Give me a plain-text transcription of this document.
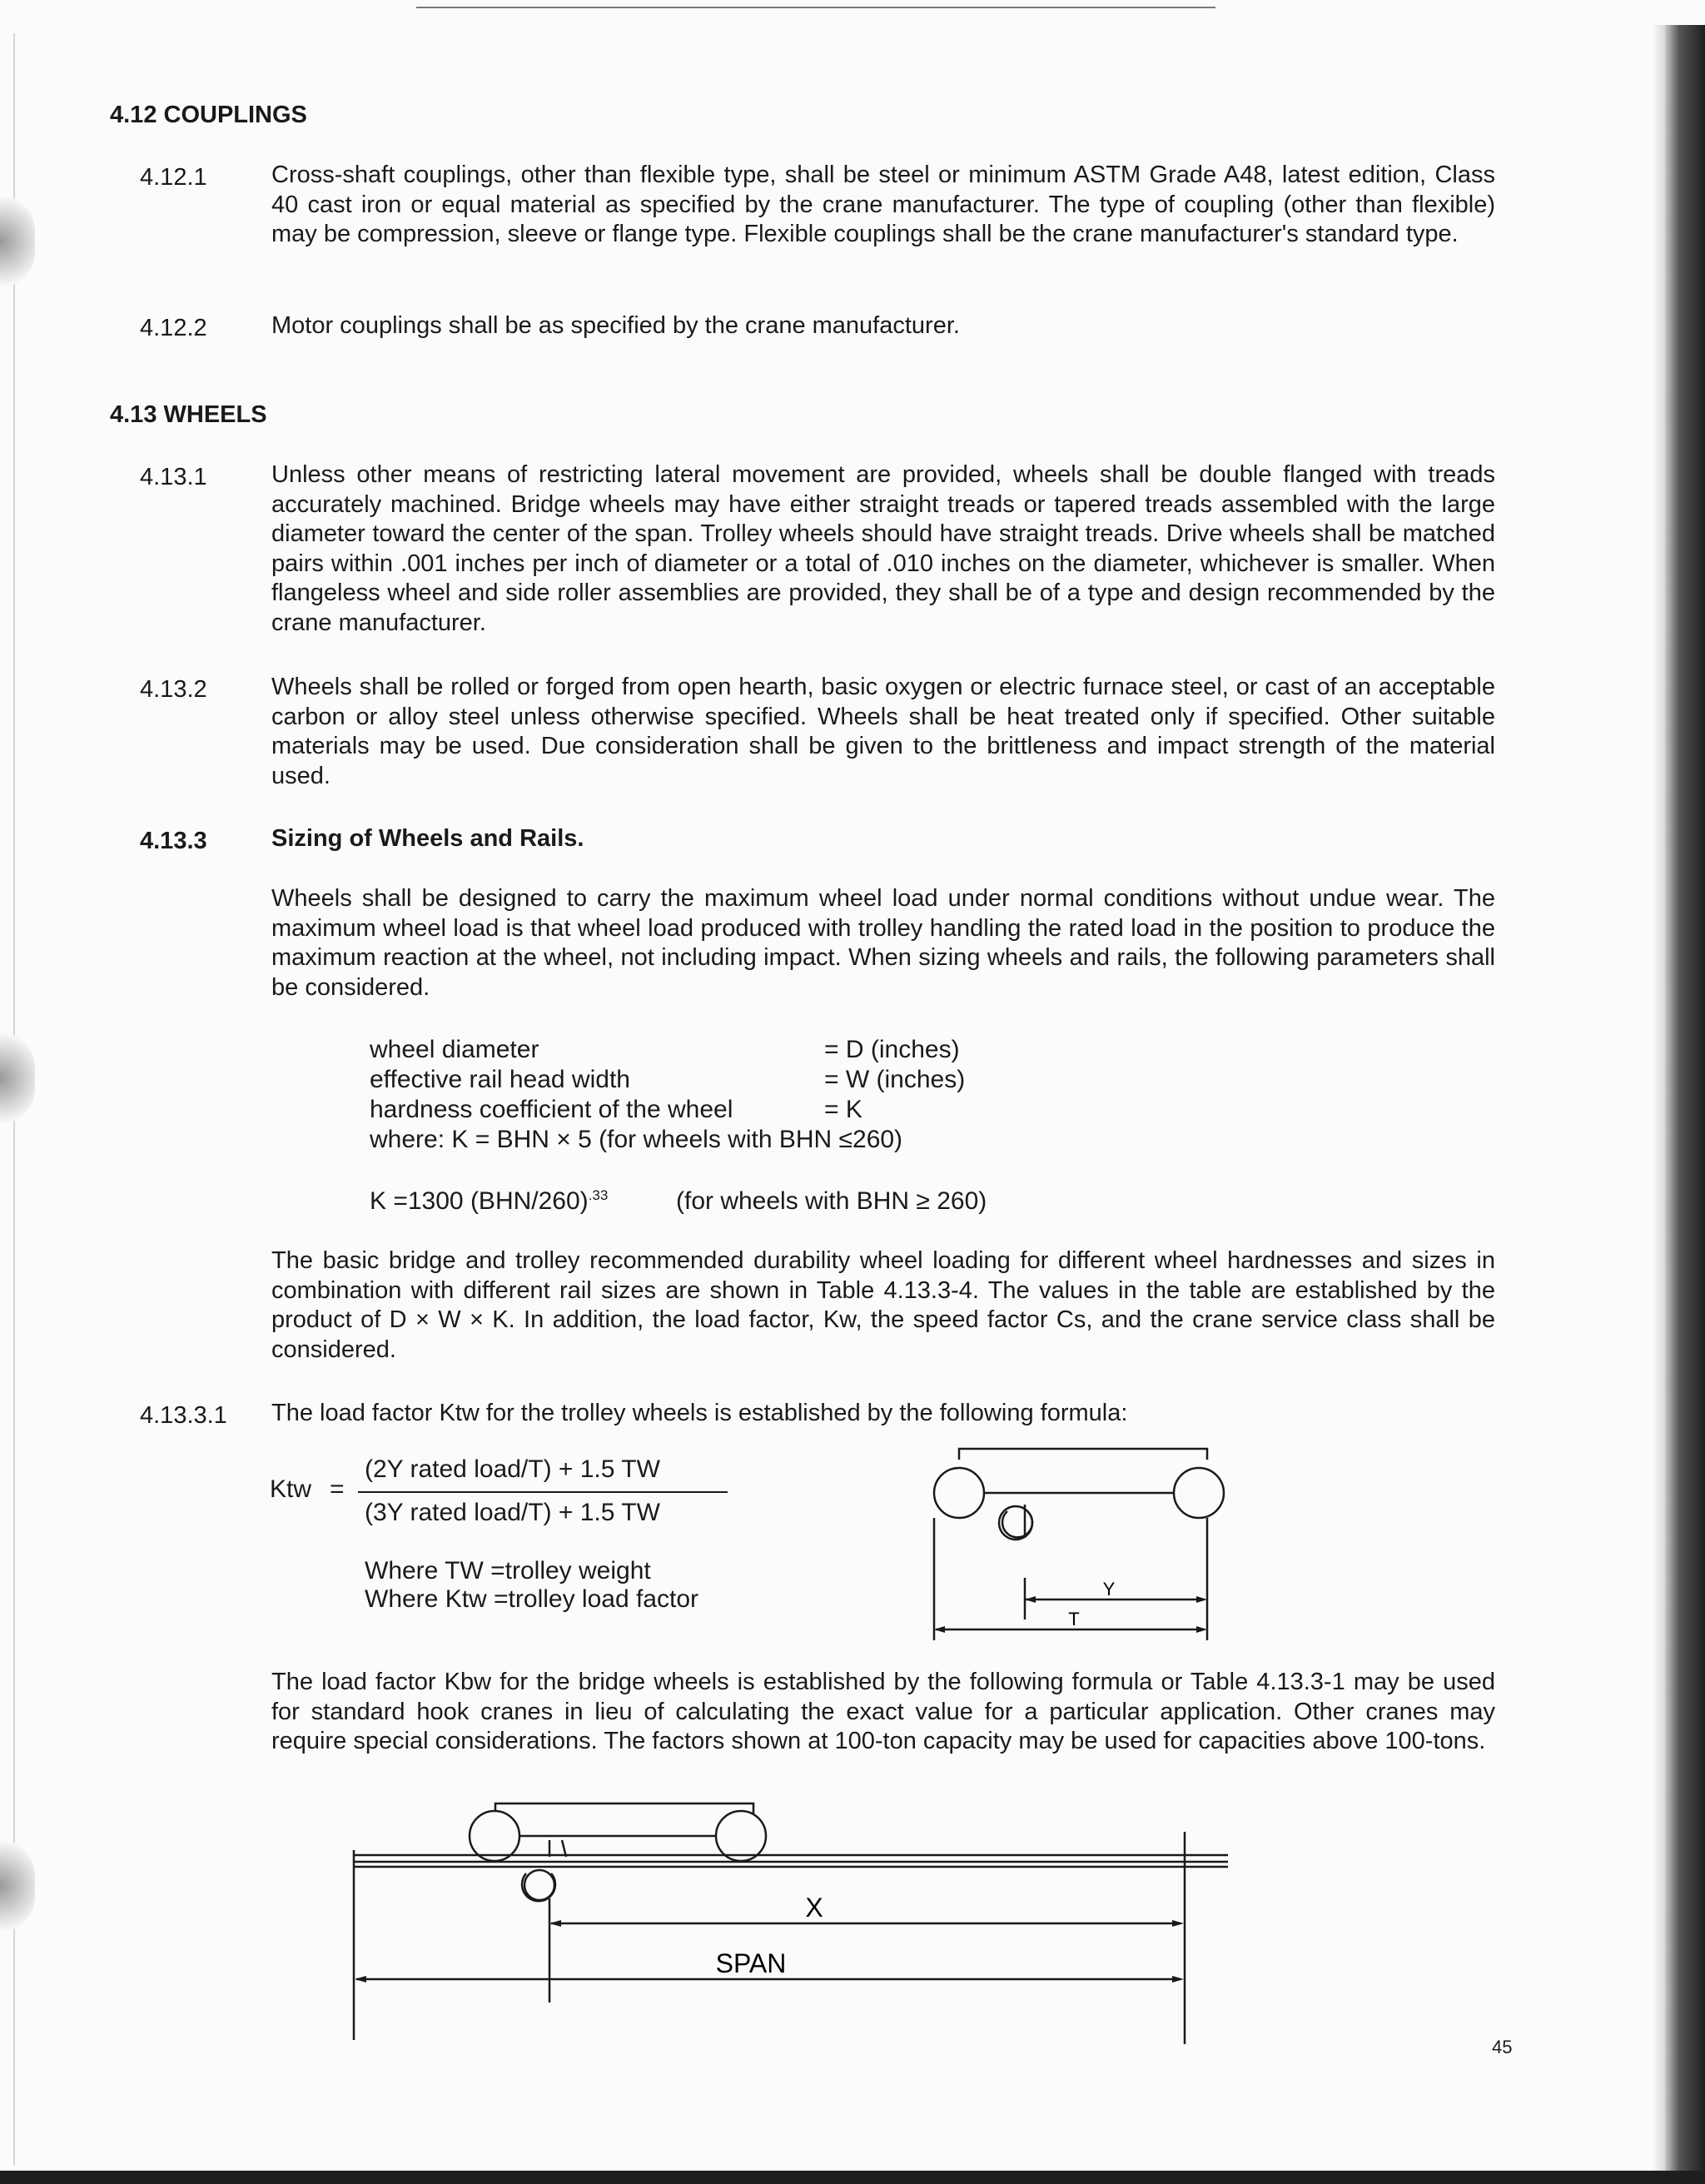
4.12 COUPLINGS
4.12.1	Cross-shaft couplings, other than flexible type, shall be steel or minimum ASTM Grade A48, latest edition, Class 40 cast iron or equal material as specified by the crane manufacturer. The type of coupling (other than flexible) may be compression, sleeve or flange type. Flexible couplings shall be the crane manufacturer's standard type.
4.12.2	Motor couplings shall be as specified by the crane manufacturer.
4.13 WHEELS
4.13.1	Unless other means of restricting lateral movement are provided, wheels shall be double flanged with treads accurately machined. Bridge wheels may have either straight treads or tapered treads assembled with the large diameter toward the center of the span. Trolley wheels should have straight treads. Drive wheels shall be matched pairs within .001 inches per inch of diameter or a total of .010 inches on the diameter, whichever is smaller. When flangeless wheel and side roller assemblies are provided, they shall be of a type and design recommended by the crane manufacturer.
4.13.2	Wheels shall be rolled or forged from open hearth, basic oxygen or electric furnace steel, or cast of an acceptable carbon or alloy steel unless otherwise specified. Wheels shall be heat treated only if specified. Other suitable materials may be used. Due consideration shall be given to the brittleness and impact strength of the material used.
4.13.3	Sizing of Wheels and Rails.
Wheels shall be designed to carry the maximum wheel load under normal conditions without undue wear. The maximum wheel load is that wheel load produced with trolley handling the rated load in the position to produce the maximum reaction at the wheel, not including impact. When sizing wheels and rails, the following parameters shall be considered.
wheel diameter	= D (inches)
effective rail head width	= W (inches)
hardness coefficient of the wheel	= K
where: K = BHN × 5 (for wheels with BHN ≤260)
K =1300 $(BHN/260)^{.33}$	(for wheels with BHN ≥ 260)
The basic bridge and trolley recommended durability wheel loading for different wheel hardnesses and sizes in combination with different rail sizes are shown in Table 4.13.3-4. The values in the table are established by the product of D × W × K. In addition, the load factor, Kw, the speed factor Cs, and the crane service class shall be considered.
4.13.3.1 The load factor Ktw for the trolley wheels is established by the following formula:
Ktw =
(2Y rated load/T) + 1.5 TW
(3Y rated load/T) + 1.5 TW
Where TW =trolley weight
Where Ktw =trolley load factor	Y
T
The load factor Kbw for the bridge wheels is established by the following formula or Table 4.13.3-1 may be used for standard hook cranes in lieu of calculating the exact value for a particular application. Other cranes may require special considerations. The factors shown at 100-ton capacity may be used for capacities above 100-tons.
X
SPAN
45
